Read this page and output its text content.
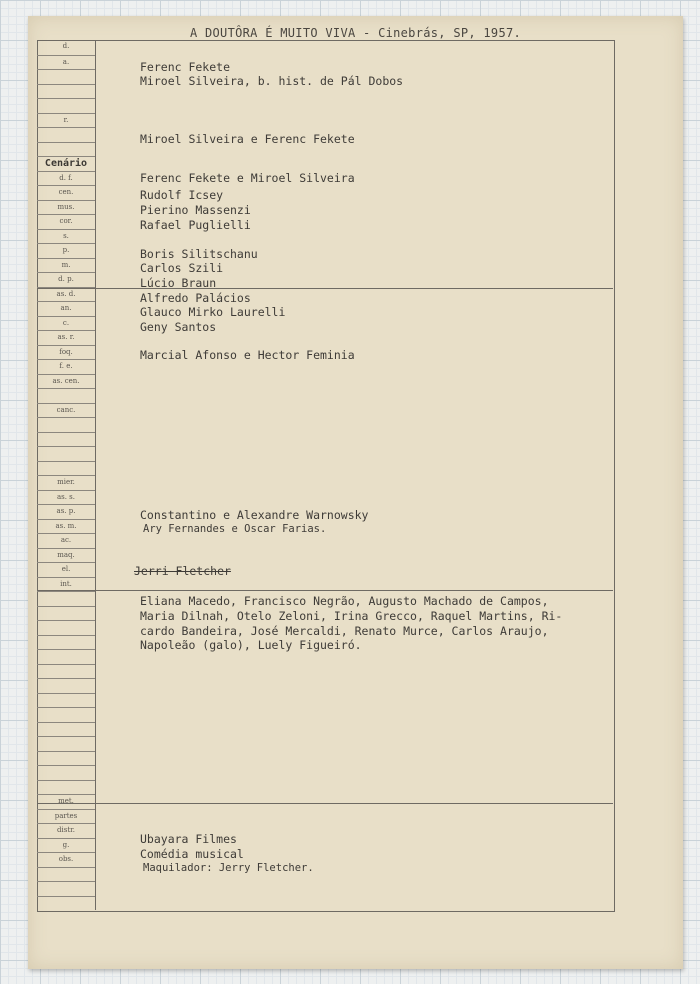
A DOUTÔRA É MUITO VIVA - Cinebrás, SP, 1957.
d.
a.
r.
Cenário
d. f.
cen.
mus.
cor.
s.
p.
m.
d. p.
as. d.
an.
c.
as. r.
foq.
f. e.
as. cen.
canc.
mier.
as. s.
as. p.
as. m.
ac.
maq.
el.
int.
met.
partes
distr.
g.
obs.
Ferenc Fekete
Miroel Silveira, b. hist. de Pál Dobos
Miroel Silveira e Ferenc Fekete
Ferenc Fekete e Miroel Silveira
Rudolf Icsey
Pierino Massenzi
Rafael Puglielli
Boris Silitschanu
Carlos Szili
Lúcio Braun
Alfredo Palácios
Glauco Mirko Laurelli
Geny Santos
Marcial Afonso e Hector Feminia
Constantino e Alexandre Warnowsky
Ary Fernandes e Oscar Farias.
Jerri Fletcher
Eliana Macedo, Francisco Negrão, Augusto Machado de Campos,
Maria Dilnah, Otelo Zeloni, Irina Grecco, Raquel Martins, Ri-
cardo Bandeira, José Mercaldi, Renato Murce, Carlos Araujo,
Napoleão (galo), Luely Figueiró.
Ubayara Filmes
Comédia musical
Maquilador: Jerry Fletcher.
